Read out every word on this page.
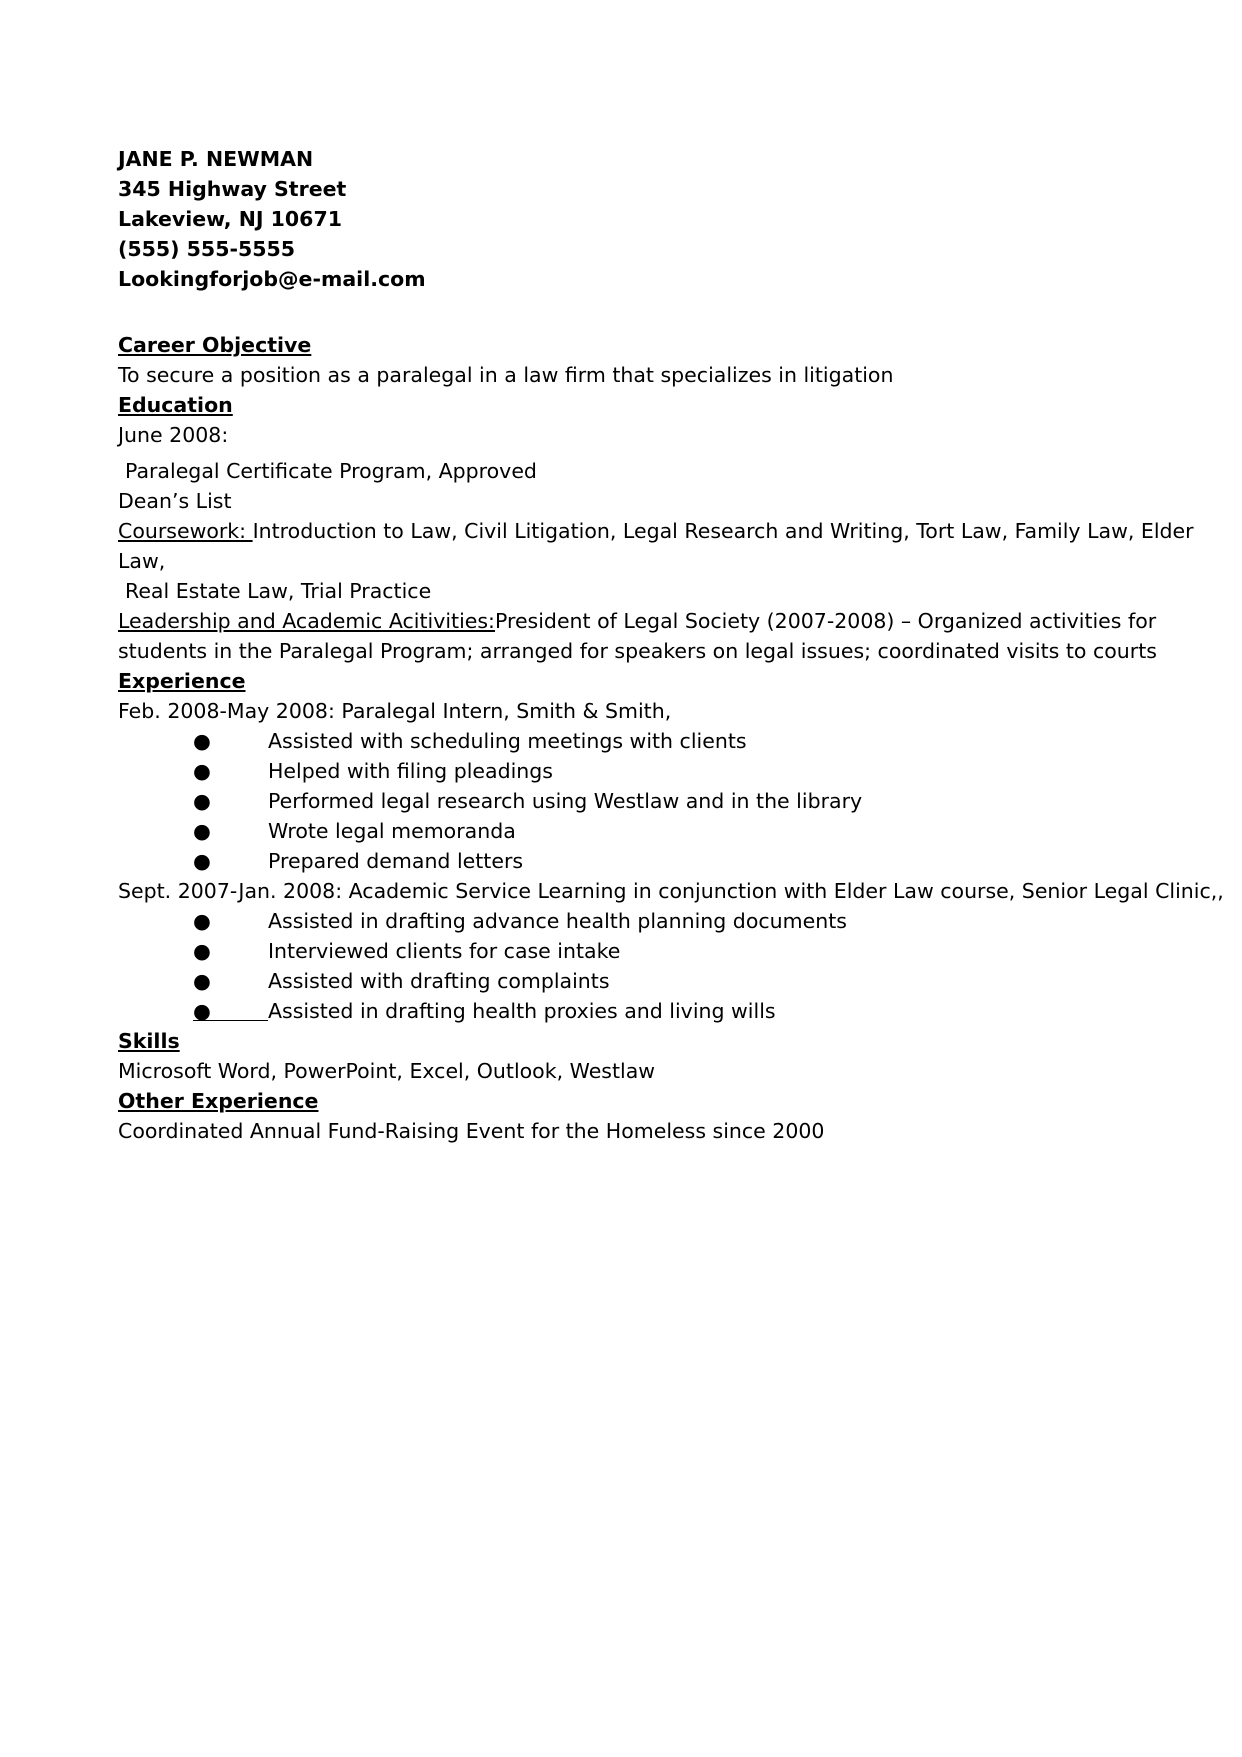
JANE P. NEWMAN
345 Highway Street
Lakeview, NJ 10671
(555) 555-5555
Lookingforjob@e-mail.com
Career Objective
To secure a position as a paralegal in a law firm that specializes in litigation
Education
June 2008:
Paralegal Certificate Program, Approved
Dean’s List
Coursework: Introduction to Law, Civil Litigation, Legal Research and Writing, Tort Law, Family Law, Elder
Law,
Real Estate Law, Trial Practice
Leadership and Academic Acitivities:President of Legal Society (2007-2008) – Organized activities for
students in the Paralegal Program; arranged for speakers on legal issues; coordinated visits to courts
Experience
Feb. 2008-May 2008: Paralegal Intern, Smith & Smith,
●	Assisted with scheduling meetings with clients
●	Helped with filing pleadings
●	Performed legal research using Westlaw and in the library
●	Wrote legal memoranda
●	Prepared demand letters
Sept. 2007-Jan. 2008: Academic Service Learning in conjunction with Elder Law course, Senior Legal Clinic,,
●	Assisted in drafting advance health planning documents
●	Interviewed clients for case intake
●	Assisted with drafting complaints
●	Assisted in drafting health proxies and living wills
Skills
Microsoft Word, PowerPoint, Excel, Outlook, Westlaw
Other Experience
Coordinated Annual Fund-Raising Event for the Homeless since 2000
